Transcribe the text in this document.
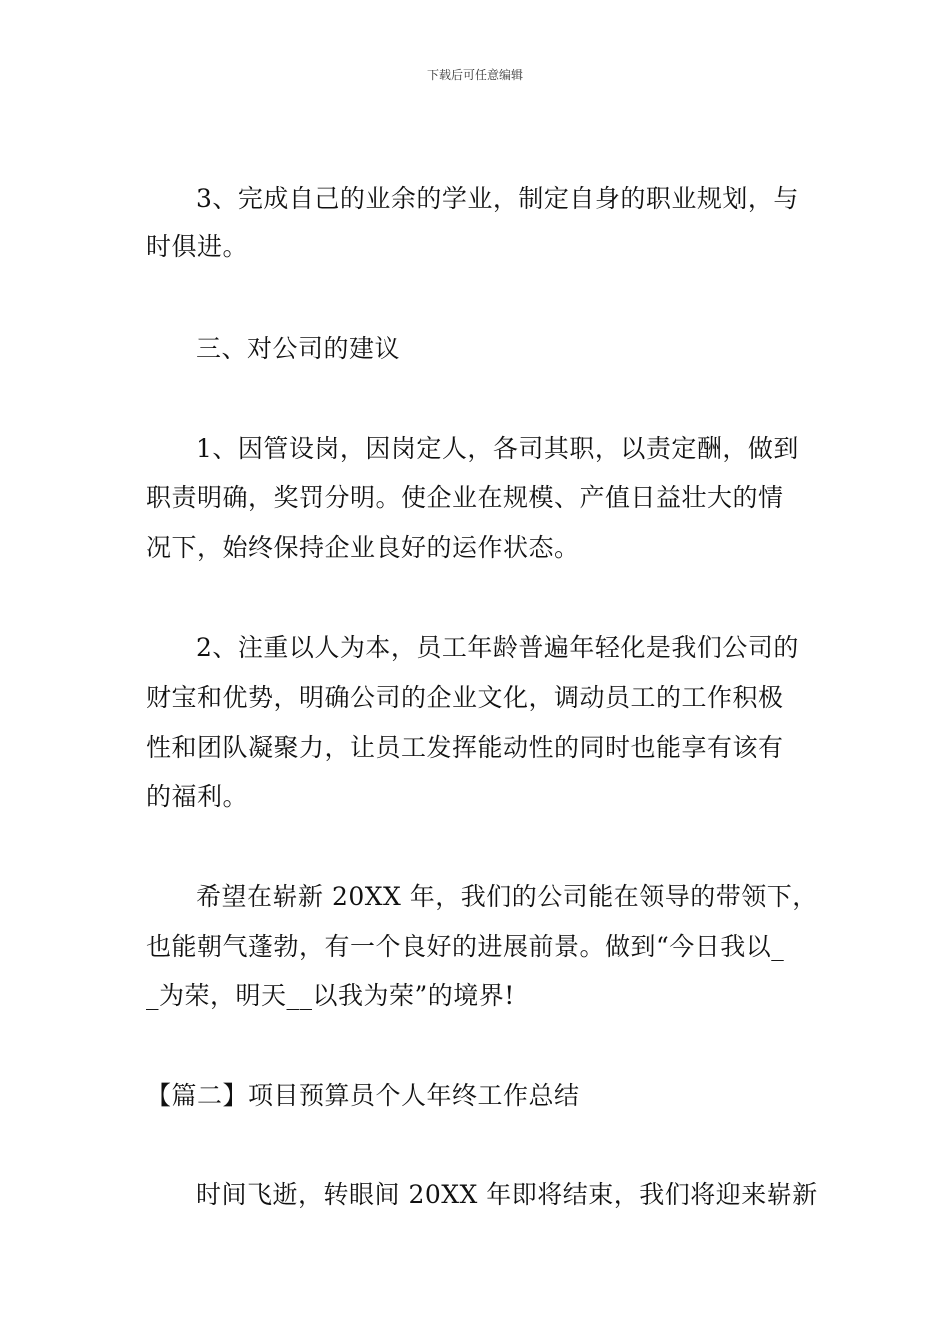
下载后可任意编辑
3、完成自己的业余的学业，制定自身的职业规划，与
时俱进。
三、对公司的建议
1、因管设岗，因岗定人，各司其职，以责定酬，做到
职责明确，奖罚分明。使企业在规模、产值日益壮大的情
况下，始终保持企业良好的运作状态。
2、注重以人为本，员工年龄普遍年轻化是我们公司的
财宝和优势，明确公司的企业文化，调动员工的工作积极
性和团队凝聚力，让员工发挥能动性的同时也能享有该有
的福利。
希望在崭新 20XX 年，我们的公司能在领导的带领下，
也能朝气蓬勃，有一个良好的进展前景。做到“今日我以_
_为荣，明天__以我为荣”的境界!
【篇二】项目预算员个人年终工作总结
时间飞逝，转眼间 20XX 年即将结束，我们将迎来崭新
